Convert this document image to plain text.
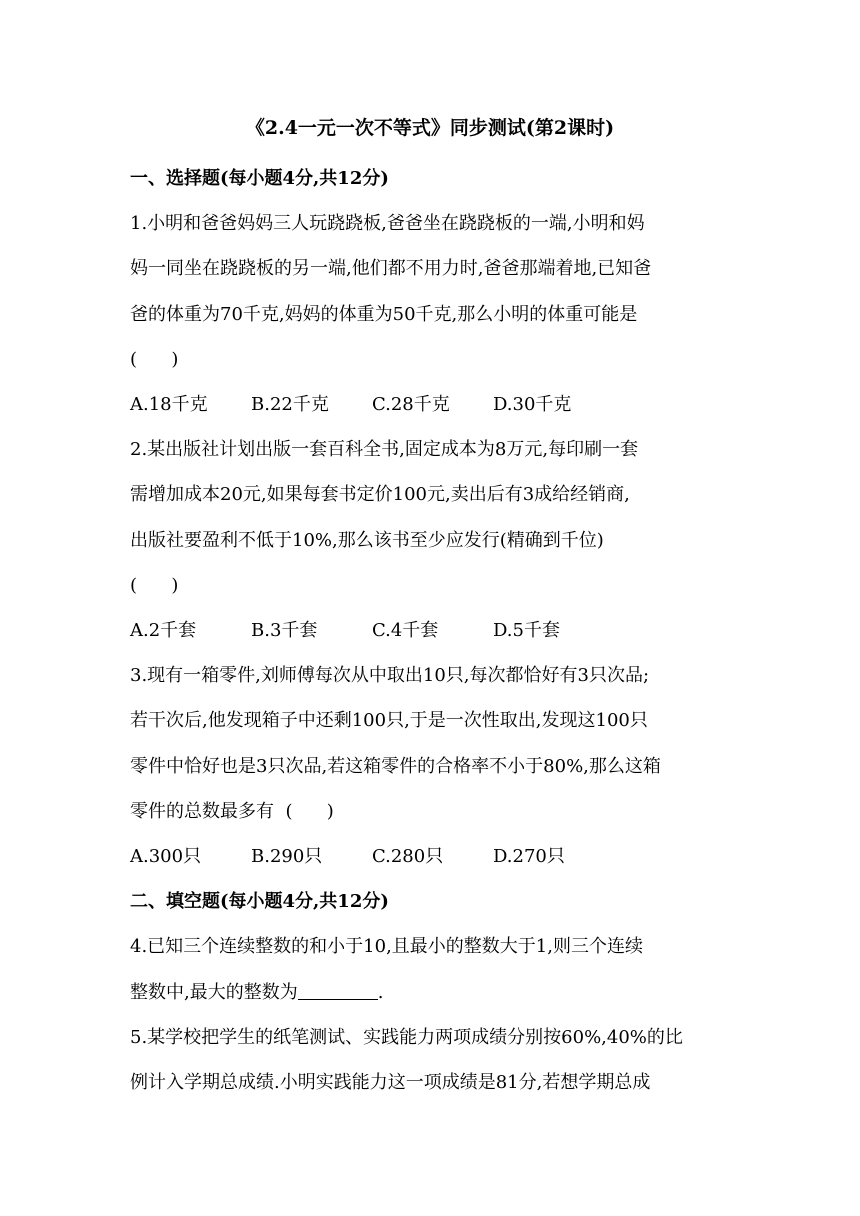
《2.4一元一次不等式》同步测试(第2课时)
一、选择题(每小题4分,共12分)
1.小明和爸爸妈妈三人玩跷跷板,爸爸坐在跷跷板的一端,小明和妈
妈一同坐在跷跷板的另一端,他们都不用力时,爸爸那端着地,已知爸
爸的体重为70千克,妈妈的体重为50千克,那么小明的体重可能是
(      )
A.18千克	B.22千克	C.28千克	D.30千克
2.某出版社计划出版一套百科全书,固定成本为8万元,每印刷一套
需增加成本20元,如果每套书定价100元,卖出后有3成给经销商,
出版社要盈利不低于10%,那么该书至少应发行(精确到千位)
(      )
A.2千套	B.3千套	C.4千套	D.5千套
3.现有一箱零件,刘师傅每次从中取出10只,每次都恰好有3只次品;
若干次后,他发现箱子中还剩100只,于是一次性取出,发现这100只
零件中恰好也是3只次品,若这箱零件的合格率不小于80%,那么这箱
零件的总数最多有  (      )
A.300只	B.290只	C.280只	D.270只
二、填空题(每小题4分,共12分)
4.已知三个连续整数的和小于10,且最小的整数大于1,则三个连续
整数中,最大的整数为	.
5.某学校把学生的纸笔测试、实践能力两项成绩分别按60%,40%的比
例计入学期总成绩.小明实践能力这一项成绩是81分,若想学期总成
